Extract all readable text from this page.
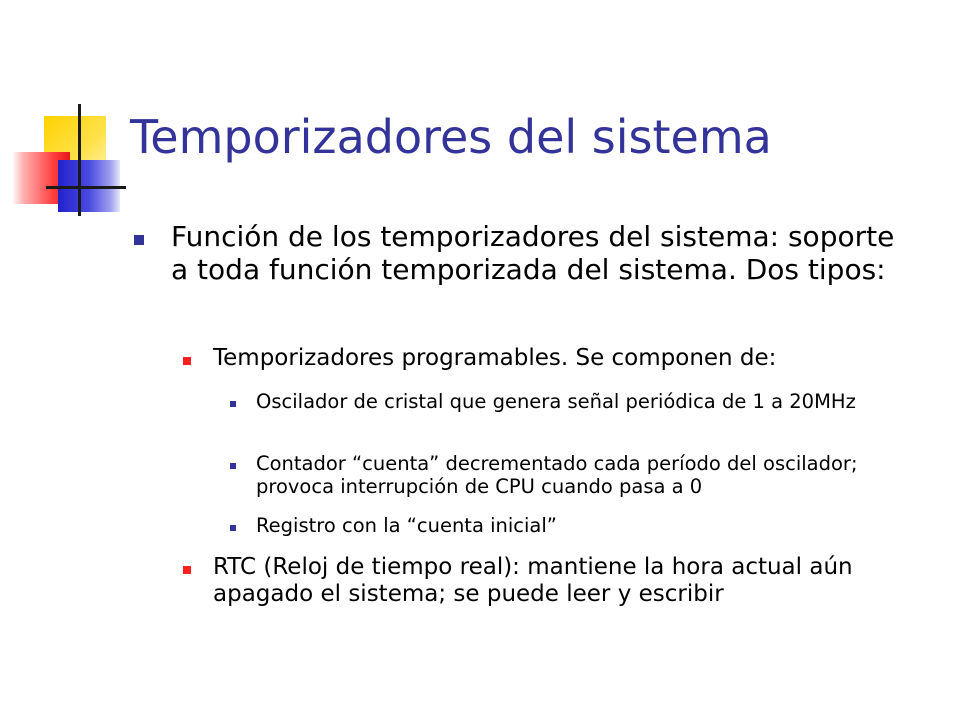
Temporizadores del sistema
Función de los temporizadores del sistema: soporte a toda función temporizada del sistema. Dos tipos:
Temporizadores programables. Se componen de:
Oscilador de cristal que genera señal periódica de 1 a 20MHz
Contador “cuenta” decrementado cada período del oscilador; provoca interrupción de CPU cuando pasa a 0
Registro con la “cuenta inicial”
RTC (Reloj de tiempo real): mantiene la hora actual aún apagado el sistema; se puede leer y escribir
